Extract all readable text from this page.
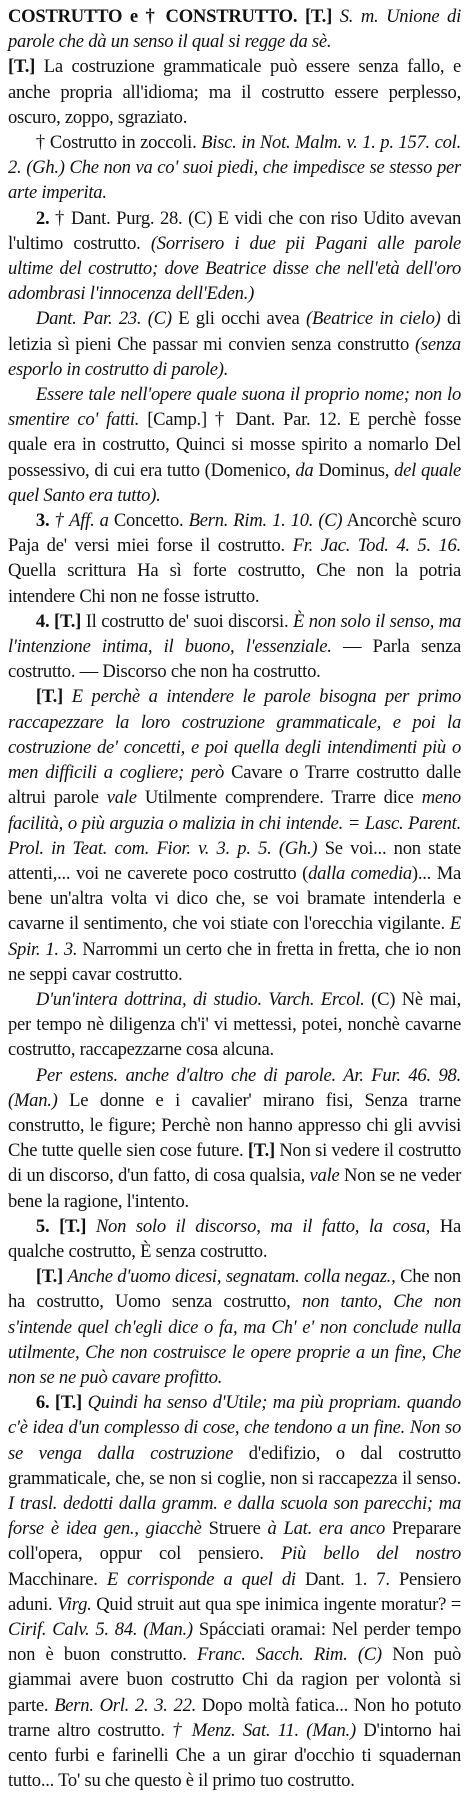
COSTRUTTO e † CONSTRUTTO. [T.] S. m. Unione di parole che dà un senso il qual si regge da sè.

[T.] La costruzione grammaticale può essere senza fallo, e anche propria all'idioma; ma il costrutto essere perplesso, oscuro, zoppo, sgraziato.

† Costrutto in zoccoli. Bisc. in Not. Malm. v. 1. p. 157. col. 2. (Gh.) Che non va co' suoi piedi, che impedisce se stesso per arte imperita.

2. † Dant. Purg. 28. (C) E vidi che con riso Udito avevan l'ultimo costrutto. (Sorrisero i due pii Pagani alle parole ultime del costrutto; dove Beatrice disse che nell'età dell'oro adombrasi l'innocenza dell'Eden.)

Dant. Par. 23. (C) E gli occhi avea (Beatrice in cielo) di letizia sì pieni Che passar mi convien senza construtto (senza esporlo in costrutto di parole).

Essere tale nell'opere quale suona il proprio nome; non lo smentire co' fatti. [Camp.] † Dant. Par. 12. E perchè fosse quale era in costrutto, Quinci si mosse spirito a nomarlo Del possessivo, di cui era tutto (Domenico, da Dominus, del quale quel Santo era tutto).

3. † Aff. a Concetto. Bern. Rim. 1. 10. (C) Ancorchè scuro Paja de' versi miei forse il costrutto. Fr. Jac. Tod. 4. 5. 16. Quella scrittura Ha sì forte costrutto, Che non la potria intendere Chi non ne fosse istrutto.

4. [T.] Il costrutto de' suoi discorsi. È non solo il senso, ma l'intenzione intima, il buono, l'essenziale. — Parla senza costrutto. — Discorso che non ha costrutto.

[T.] E perchè a intendere le parole bisogna per primo raccapezzare la loro costruzione grammaticale, e poi la costruzione de' concetti, e poi quella degli intendimenti più o men difficili a cogliere; però Cavare o Trarre costrutto dalle altrui parole vale Utilmente comprendere. Trarre dice meno facilità, o più arguzia o malizia in chi intende. = Lasc. Parent. Prol. in Teat. com. Fior. v. 3. p. 5. (Gh.) Se voi... non state attenti,... voi ne caverete poco costrutto (dalla comedia)... Ma bene un'altra volta vi dico che, se voi bramate intenderla e cavarne il sentimento, che voi stiate con l'orecchia vigilante. E Spir. 1. 3. Narrommi un certo che in fretta in fretta, che io non ne seppi cavar costrutto.

D'un'intera dottrina, di studio. Varch. Ercol. (C) Nè mai, per tempo nè diligenza ch'i' vi mettessi, potei, nonchè cavarne costrutto, raccapezzarne cosa alcuna.

Per estens. anche d'altro che di parole. Ar. Fur. 46. 98. (Man.) Le donne e i cavalier' mirano fisi, Senza trarne construtto, le figure; Perchè non hanno appresso chi gli avvisi Che tutte quelle sien cose future. [T.] Non si vedere il costrutto di un discorso, d'un fatto, di cosa qualsia, vale Non se ne veder bene la ragione, l'intento.

5. [T.] Non solo il discorso, ma il fatto, la cosa, Ha qualche costrutto, È senza costrutto.

[T.] Anche d'uomo dicesi, segnatam. colla negaz., Che non ha costrutto, Uomo senza costrutto, non tanto, Che non s'intende quel ch'egli dice o fa, ma Ch' e' non conclude nulla utilmente, Che non costruisce le opere proprie a un fine, Che non se ne può cavare profitto.

6. [T.] Quindi ha senso d'Utile; ma più propriam. quando c'è idea d'un complesso di cose, che tendono a un fine. Non so se venga dalla costruzione d'edifizio, o dal costrutto grammaticale, che, se non si coglie, non si raccapezza il senso. I trasl. dedotti dalla gramm. e dalla scuola son parecchi; ma forse è idea gen., giacchè Struere à Lat. era anco Preparare coll'opera, oppur col pensiero. Più bello del nostro Macchinare. E corrisponde a quel di Dant. 1. 7. Pensiero aduni. Virg. Quid struit aut qua spe inimica ingente moratur? = Cirif. Calv. 5. 84. (Man.) Spácciati oramai: Nel perder tempo non è buon construtto. Franc. Sacch. Rim. (C) Non può giammai avere buon costrutto Chi da ragion per volontà si parte. Bern. Orl. 2. 3. 22. Dopo moltà fatica... Non ho potuto trarne altro costrutto. † Menz. Sat. 11. (Man.) D'intorno hai cento furbi e farinelli Che a un girar d'occhio ti squadernan tutto... To' su che questo è il primo tuo costrutto.
